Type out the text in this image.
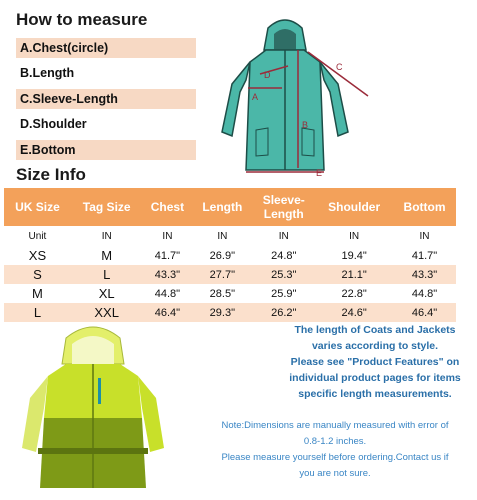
How to measure
A.Chest(circle)
B.Length
C.Sleeve-Length
D.Shoulder
E.Bottom
D
A
B
C
E
Size Info
UK Size	Tag Size	Chest	Length	Sleeve-
Length	Shoulder	Bottom
Unit	IN	IN	IN	IN	IN	IN
XS	M	41.7"	26.9"	24.8"	19.4"	41.7"
S	L	43.3"	27.7"	25.3"	21.1"	43.3"
M	XL	44.8"	28.5"	25.9"	22.8"	44.8"
L	XXL	46.4"	29.3"	26.2"	24.6"	46.4"
The length of Coats and Jackets
varies according to style.
Please see "Product Features" on
individual product pages for items
specific length measurements.
Note:Dimensions are manually measured with error of
0.8-1.2 inches.
Please measure yourself before ordering.Contact us if
you are not sure.
